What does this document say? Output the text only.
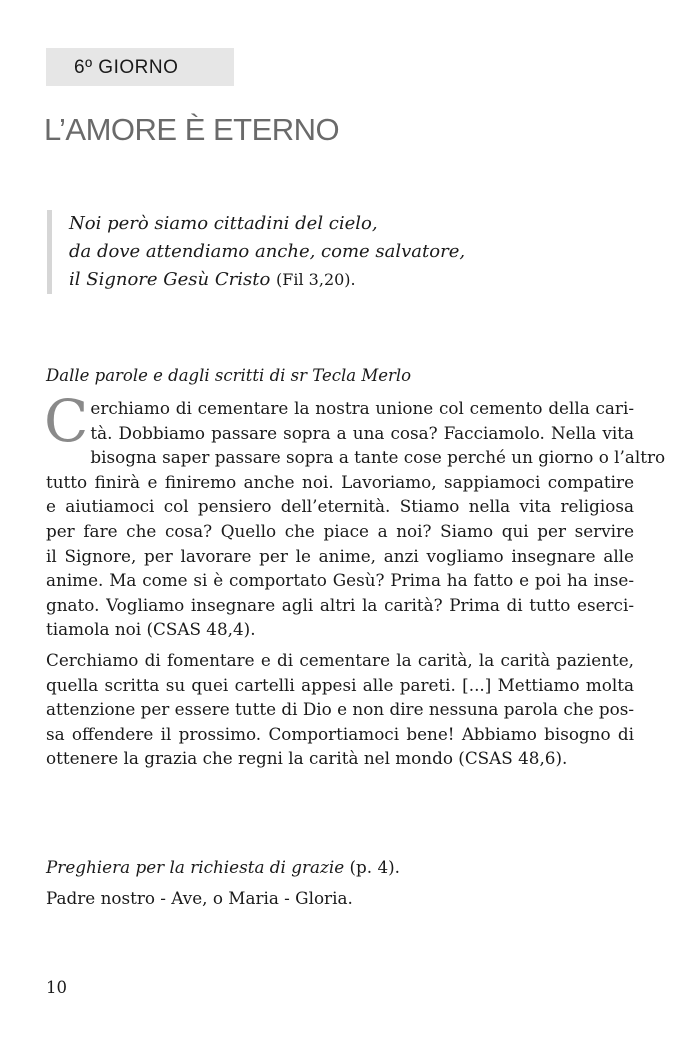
6º GIORNO
L’AMORE È ETERNO
Noi però siamo cittadini del cielo,
da dove attendiamo anche, come salvatore,
il Signore Gesù Cristo (Fil 3,20).
Dalle parole e dagli scritti di sr Tecla Merlo

C erchiamo di cementare la nostra unione col cemento della cari-
tà. Dobbiamo passare sopra a una cosa? Facciamolo. Nella vita
bisogna saper passare sopra a tante cose perché un giorno o l’altro
tutto finirà e finiremo anche noi. Lavoriamo, sappiamoci compatire
e aiutiamoci col pensiero dell’eternità. Stiamo nella vita religiosa
per fare che cosa? Quello che piace a noi? Siamo qui per servire
il Signore, per lavorare per le anime, anzi vogliamo insegnare alle
anime. Ma come si è comportato Gesù? Prima ha fatto e poi ha inse-
gnato. Vogliamo insegnare agli altri la carità? Prima di tutto eserci-
tiamola noi (CSAS 48,4).

Cerchiamo di fomentare e di cementare la carità, la carità paziente,
quella scritta su quei cartelli appesi alle pareti. [...] Mettiamo molta
attenzione per essere tutte di Dio e non dire nessuna parola che pos-
sa offendere il prossimo. Comportiamoci bene! Abbiamo bisogno di
ottenere la grazia che regni la carità nel mondo (CSAS 48,6).

Preghiera per la richiesta di grazie (p. 4).
Padre nostro - Ave, o Maria - Gloria.
10
